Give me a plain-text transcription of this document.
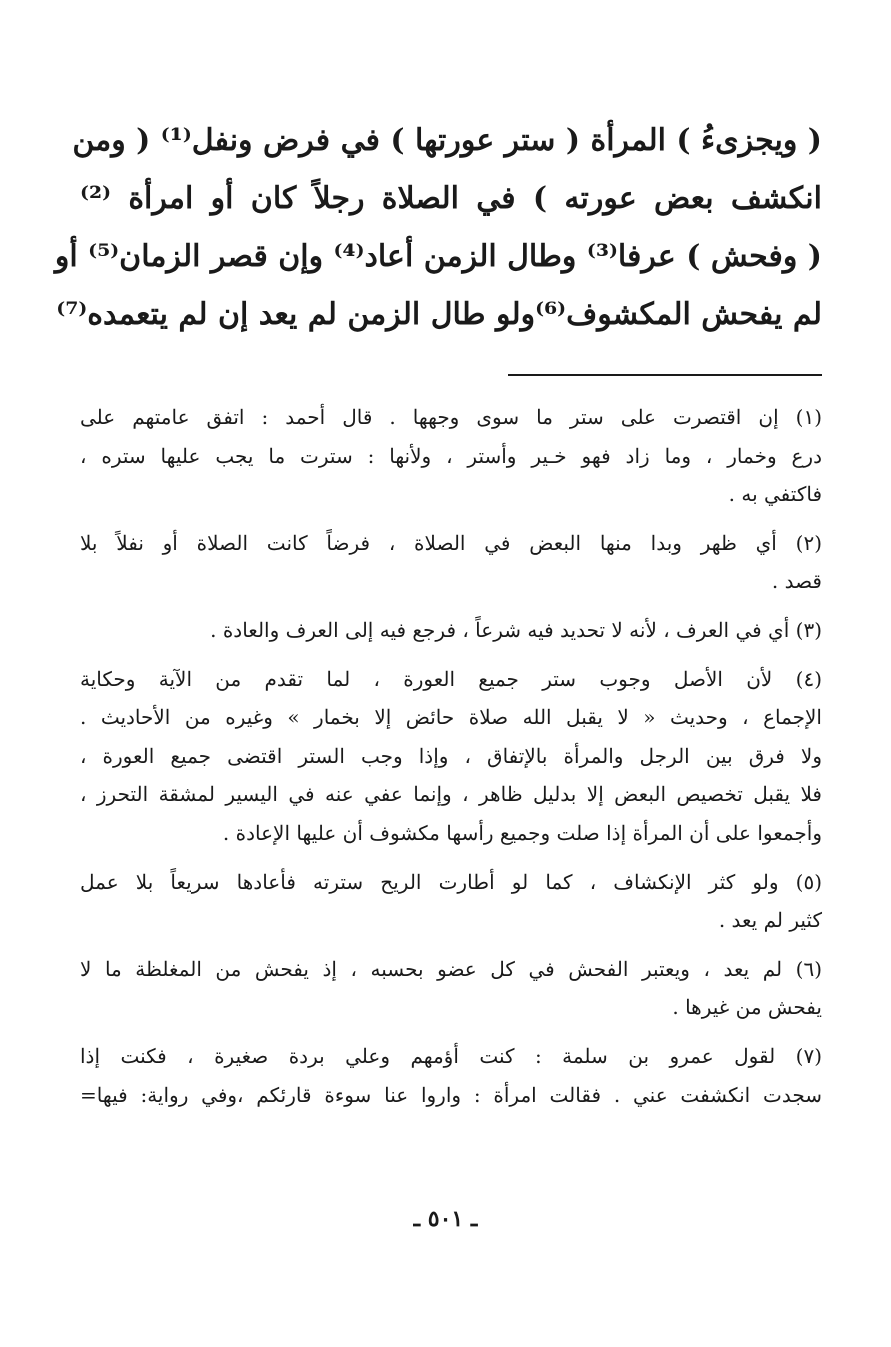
( ويجزىءُ ) المرأة ( ستر عورتها ) في فرض ونفل⁽¹⁾ ( ومن
انكشف بعض عورته ) في الصلاة رجلاً كان أو امرأة ⁽²⁾
( وفحش ) عرفا⁽³⁾ وطال الزمن أعاد⁽⁴⁾ وإن قصر الزمان⁽⁵⁾ أو
لم يفحش المكشوف⁽⁶⁾ولو طال الزمن لم يعد إن لم يتعمده⁽⁷⁾
(١) إن اقتصرت على ستر ما سوى وجهها . قال أحمد : اتفق عامتهم على
درع وخمار ، وما زاد فهو خـير وأستر ، ولأنها : سترت ما يجب عليها ستره ،
فاكتفي به .
(٢) أي ظهر وبدا منها البعض في الصلاة ، فرضاً كانت الصلاة أو نفلاً بلا
قصد .
(٣) أي في العرف ، لأنه لا تحديد فيه شرعاً ، فرجع فيه إلى العرف والعادة .
(٤) لأن الأصل وجوب ستر جميع العورة ، لما تقدم من الآية وحكاية
الإجماع ، وحديث « لا يقبل الله صلاة حائض إلا بخمار » وغيره من الأحاديث .
ولا فرق بين الرجل والمرأة بالإتفاق ، وإذا وجب الستر اقتضى جميع العورة ،
فلا يقبل تخصيص البعض إلا بدليل ظاهر ، وإنما عفي عنه في اليسير لمشقة التحرز ،
وأجمعوا على أن المرأة إذا صلت وجميع رأسها مكشوف أن عليها الإعادة .
(٥) ولو كثر الإنكشاف ، كما لو أطارت الريح سترته فأعادها سريعاً بلا عمل
كثير لم يعد .
(٦) لم يعد ، ويعتبر الفحش في كل عضو بحسبه ، إذ يفحش من المغلظة ما لا
يفحش من غيرها .
(٧) لقول عمرو بن سلمة : كنت أؤمهم وعلي بردة صغيرة ، فكنت إذا
سجدت انكشفت عني . فقالت امرأة : واروا عنا سوءة قارئكم ،وفي رواية: فيها=
ـ ٥٠١ ـ
